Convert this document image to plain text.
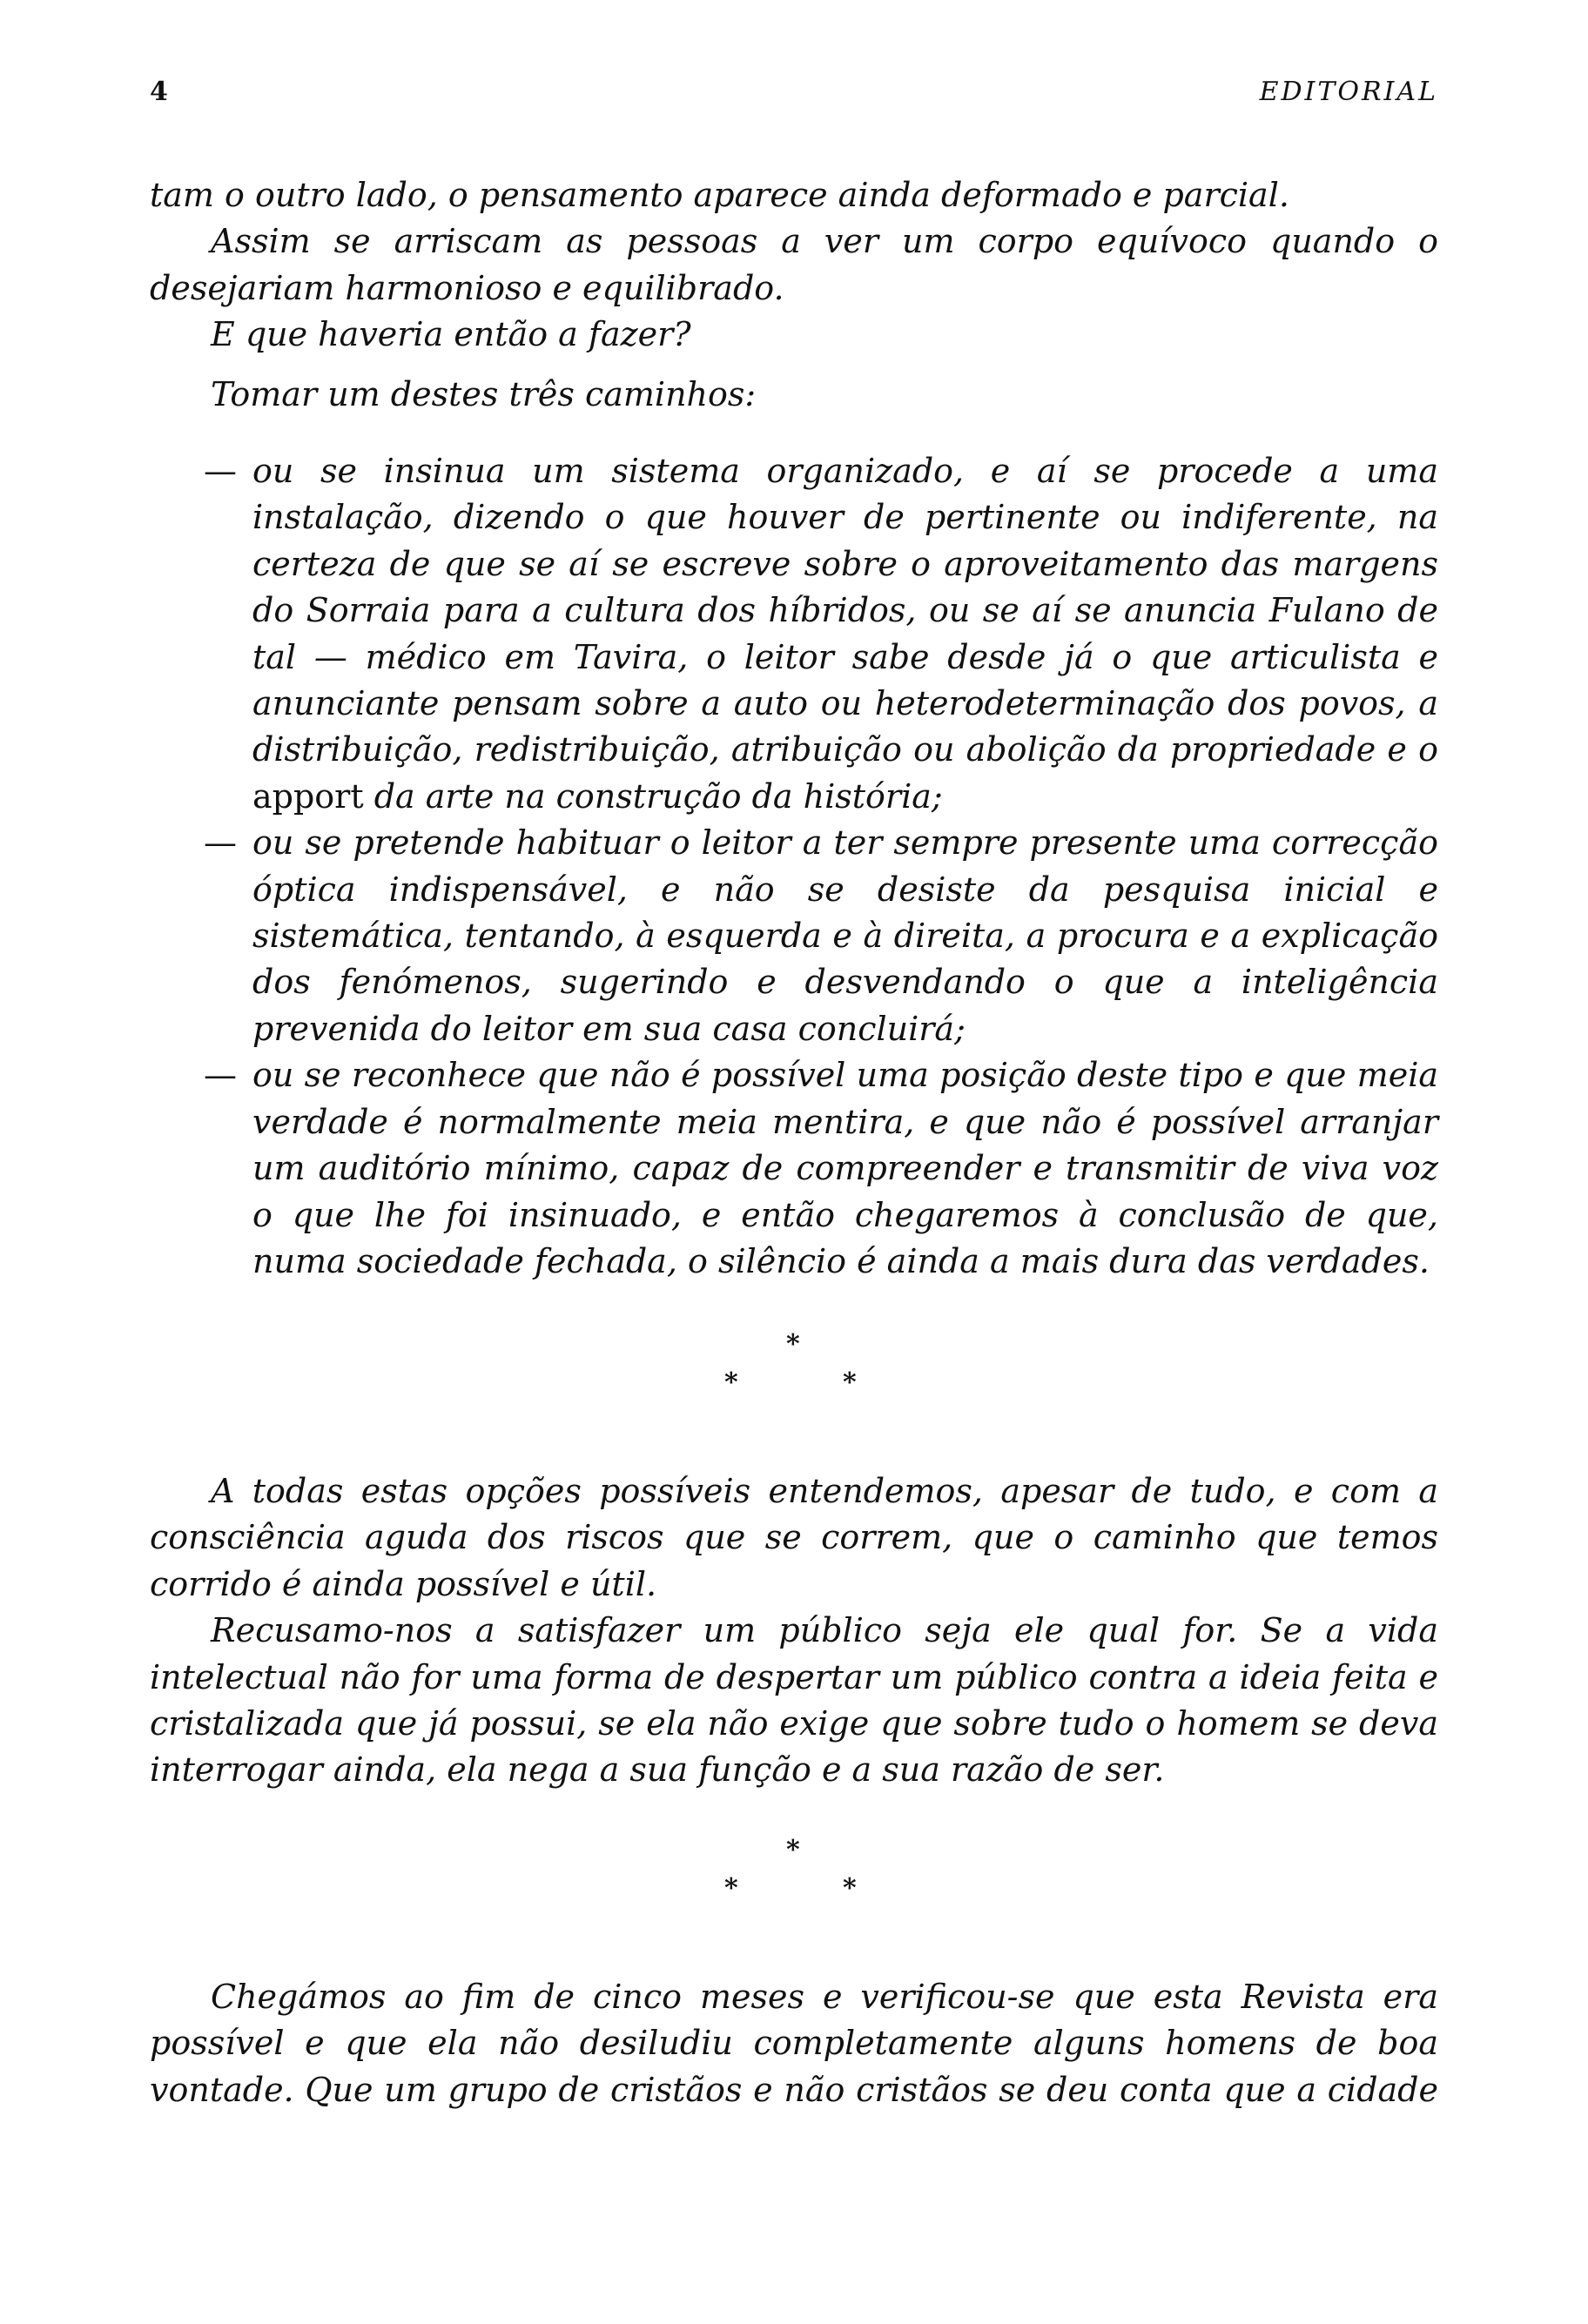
4	EDITORIAL

tam o outro lado, o pensamento aparece ainda deformado e parcial.

Assim se arriscam as pessoas a ver um corpo equívoco quando o desejariam harmonioso e equilibrado.

E que haveria então a fazer?

Tomar um destes três caminhos:

— ou se insinua um sistema organizado, e aí se procede a uma instalação, dizendo o que houver de pertinente ou indiferente, na certeza de que se aí se escreve sobre o aproveitamento das margens do Sorraia para a cultura dos híbridos, ou se aí se anuncia Fulano de tal — médico em Tavira, o leitor sabe desde já o que articulista e anunciante pensam sobre a auto ou heterodeterminação dos povos, a distribuição, redistribuição, atribuição ou abolição da propriedade e o apport da arte na construção da história;

— ou se pretende habituar o leitor a ter sempre presente uma correcção óptica indispensável, e não se desiste da pesquisa inicial e sistemática, tentando, à esquerda e à direita, a procura e a explicação dos fenómenos, sugerindo e desvendando o que a inteligência prevenida do leitor em sua casa concluirá;

— ou se reconhece que não é possível uma posição deste tipo e que meia verdade é normalmente meia mentira, e que não é possível arranjar um auditório mínimo, capaz de compreender e transmitir de viva voz o que lhe foi insinuado, e então chegaremos à conclusão de que, numa sociedade fechada, o silêncio é ainda a mais dura das verdades.

*
*	*

A todas estas opções possíveis entendemos, apesar de tudo, e com a consciência aguda dos riscos que se correm, que o caminho que temos corrido é ainda possível e útil.

Recusamo-nos a satisfazer um público seja ele qual for. Se a vida intelectual não for uma forma de despertar um público contra a ideia feita e cristalizada que já possui, se ela não exige que sobre tudo o homem se deva interrogar ainda, ela nega a sua função e a sua razão de ser.

*
*	*

Chegámos ao fim de cinco meses e verificou-se que esta Revista era possível e que ela não desiludiu completamente alguns homens de boa vontade. Que um grupo de cristãos e não cristãos se deu conta que a cidade
